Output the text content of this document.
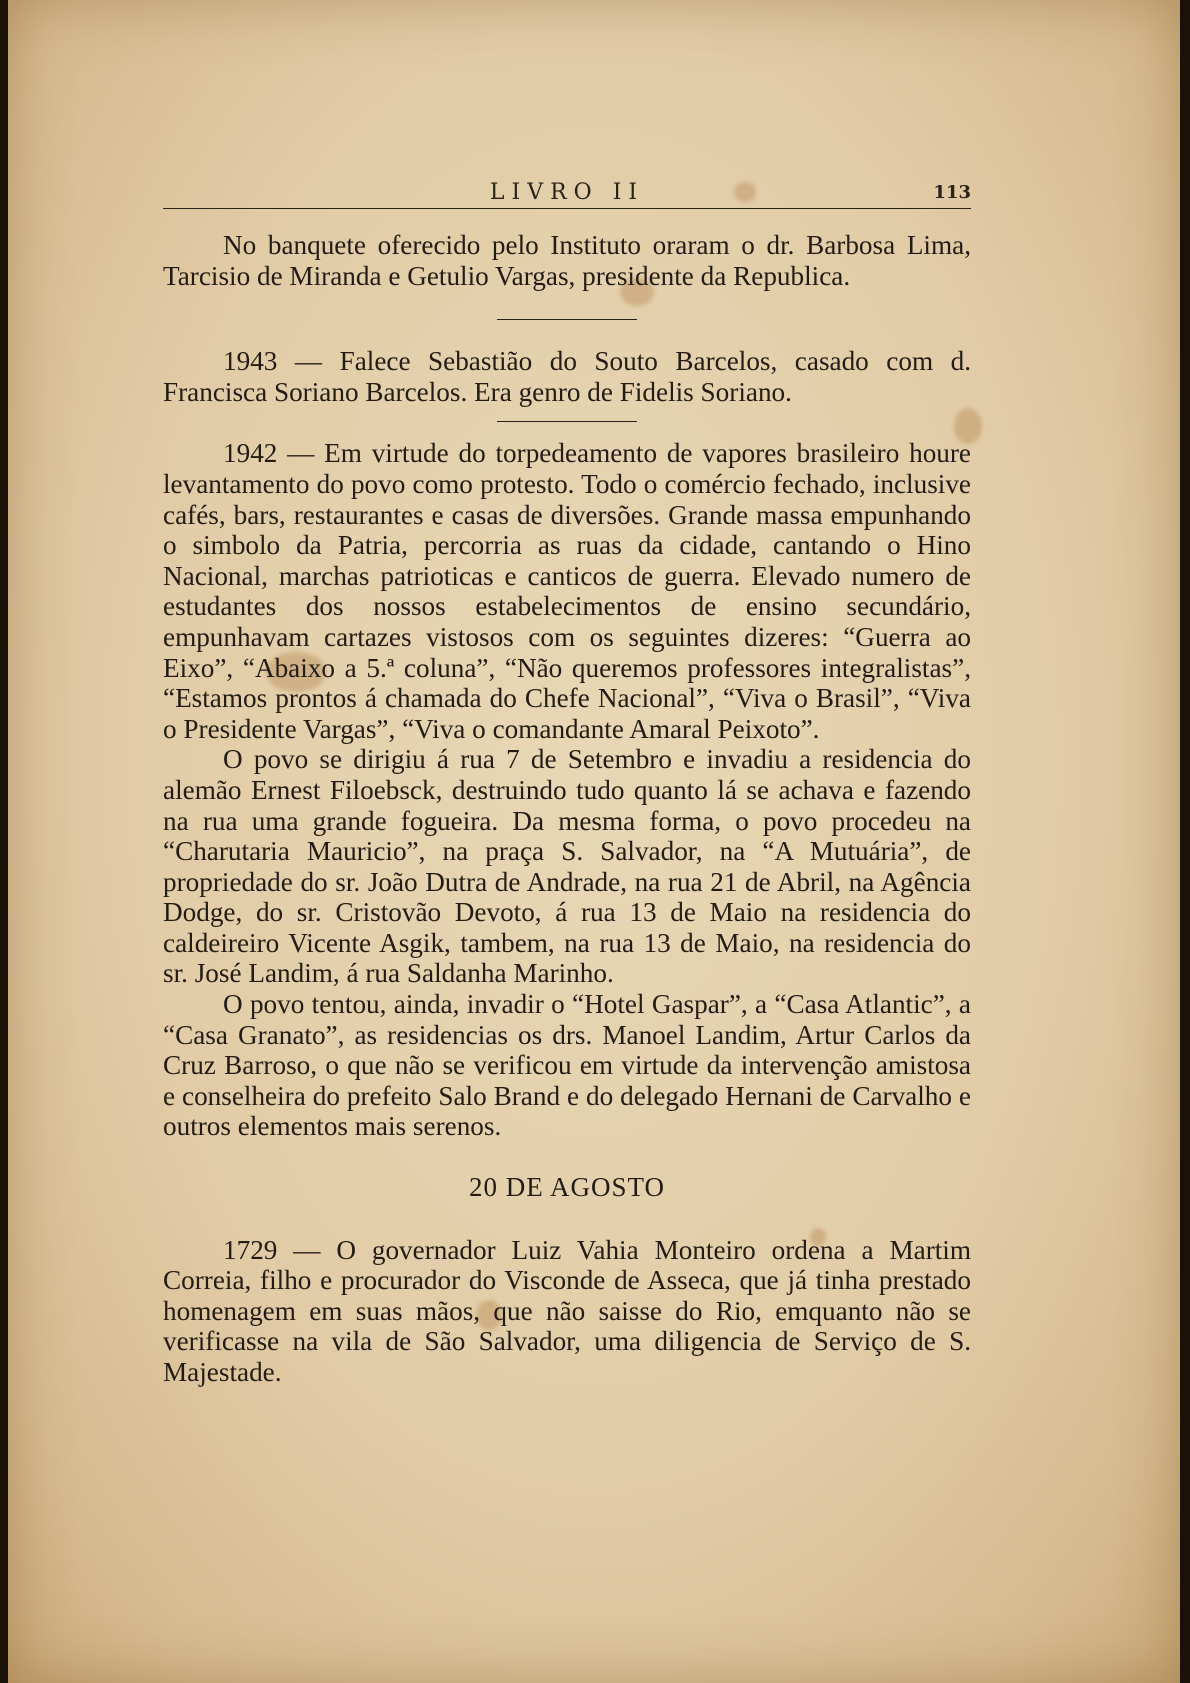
LIVRO II	113

No banquete oferecido pelo Instituto oraram o dr. Barbosa Lima, Tarcisio de Miranda e Getulio Vargas, presidente da Republica.

1943 — Falece Sebastião do Souto Barcelos, casado com d. Francisca Soriano Barcelos. Era genro de Fidelis Soriano.

1942 — Em virtude do torpedeamento de vapores brasileiro houre levantamento do povo como protesto. Todo o comércio fechado, inclusive cafés, bars, restaurantes e casas de diversões. Grande massa empunhando o simbolo da Patria, percorria as ruas da cidade, cantando o Hino Nacional, marchas patrioticas e canticos de guerra. Elevado numero de estudantes dos nossos estabelecimentos de ensino secundário, empunhavam cartazes vistosos com os seguintes dizeres: “Guerra ao Eixo”, “Abaixo a 5.ª coluna”, “Não queremos professores integralistas”, “Estamos prontos á chamada do Chefe Nacional”, “Viva o Brasil”, “Viva o Presidente Vargas”, “Viva o comandante Amaral Peixoto”.

O povo se dirigiu á rua 7 de Setembro e invadiu a residencia do alemão Ernest Filoebsck, destruindo tudo quanto lá se achava e fazendo na rua uma grande fogueira. Da mesma forma, o povo procedeu na “Charutaria Mauricio”, na praça S. Salvador, na “A Mutuária”, de propriedade do sr. João Dutra de Andrade, na rua 21 de Abril, na Agência Dodge, do sr. Cristovão Devoto, á rua 13 de Maio na residencia do caldeireiro Vicente Asgik, tambem, na rua 13 de Maio, na residencia do sr. José Landim, á rua Saldanha Marinho.

O povo tentou, ainda, invadir o “Hotel Gaspar”, a “Casa Atlantic”, a “Casa Granato”, as residencias os drs. Manoel Landim, Artur Carlos da Cruz Barroso, o que não se verificou em virtude da intervenção amistosa e conselheira do prefeito Salo Brand e do delegado Hernani de Carvalho e outros elementos mais serenos.

20 DE AGOSTO

1729 — O governador Luiz Vahia Monteiro ordena a Martim Correia, filho e procurador do Visconde de Asseca, que já tinha prestado homenagem em suas mãos, que não saisse do Rio, emquanto não se verificasse na vila de São Salvador, uma diligencia de Serviço de S. Majestade.
